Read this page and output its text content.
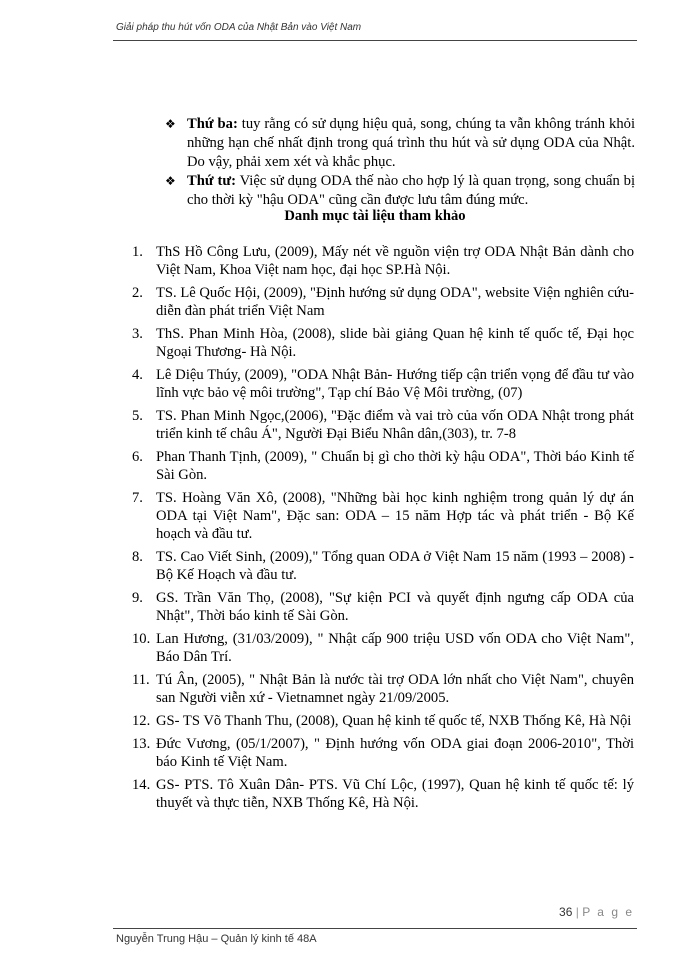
Giải pháp thu hút vốn ODA của Nhật Bản vào Việt Nam

❖ Thứ ba: tuy rằng có sử dụng hiệu quả, song, chúng ta vẫn không tránh khỏi những hạn chế nhất định trong quá trình thu hút và sử dụng ODA của Nhật. Do vậy, phải xem xét và khắc phục.

❖ Thứ tư: Việc sử dụng ODA thế nào cho hợp lý là quan trọng, song chuẩn bị cho thời kỳ "hậu ODA" cũng cần được lưu tâm đúng mức.

Danh mục tài liệu tham khảo
1. ThS Hồ Công Lưu, (2009), Mấy nét về nguồn viện trợ ODA Nhật Bản dành cho Việt Nam, Khoa Việt nam học, đại học SP.Hà Nội.
2. TS. Lê Quốc Hội, (2009), "Định hướng sử dụng ODA", website Viện nghiên cứu- diễn đàn phát triển Việt Nam
3. ThS. Phan Minh Hòa, (2008), slide bài giảng Quan hệ kinh tế quốc tế, Đại học Ngoại Thương- Hà Nội.
4. Lê Diệu Thúy, (2009), "ODA Nhật Bản- Hướng tiếp cận triển vọng để đầu tư vào lĩnh vực bảo vệ môi trường", Tạp chí Bảo Vệ Môi trường, (07)
5. TS. Phan Minh Ngọc,(2006), "Đặc điểm và vai trò của vốn ODA Nhật trong phát triển kinh tế châu Á", Người Đại Biểu Nhân dân,(303), tr. 7-8
6. Phan Thanh Tịnh, (2009), " Chuẩn bị gì cho thời kỳ hậu ODA", Thời báo Kinh tế Sài Gòn.
7. TS. Hoàng Văn Xô, (2008), "Những bài học kinh nghiệm trong quản lý dự án ODA tại Việt Nam", Đặc san: ODA – 15 năm Hợp tác và phát triển - Bộ Kế hoạch và đầu tư.
8. TS. Cao Viết Sinh, (2009)," Tổng quan ODA ở Việt Nam 15 năm (1993 – 2008) - Bộ Kế Hoạch và đầu tư.
9. GS. Trần Văn Thọ, (2008), "Sự kiện PCI và quyết định ngưng cấp ODA của Nhật", Thời báo kinh tế Sài Gòn.
10. Lan Hương, (31/03/2009), " Nhật cấp 900 triệu USD vốn ODA cho Việt Nam", Báo Dân Trí.
11. Tú Ân, (2005), " Nhật Bản là nước tài trợ ODA lớn nhất cho Việt Nam", chuyên san Người viễn xứ - Vietnamnet ngày 21/09/2005.
12. GS- TS Võ Thanh Thu, (2008), Quan hệ kinh tế quốc tế, NXB Thống Kê, Hà Nội
13. Đức Vương, (05/1/2007), " Định hướng vốn ODA giai đoạn 2006-2010", Thời báo Kinh tế Việt Nam.
14. GS- PTS. Tô Xuân Dân- PTS. Vũ Chí Lộc, (1997), Quan hệ kinh tế quốc tế: lý thuyết và thực tiễn, NXB Thống Kê, Hà Nội.
36 | P a g e
Nguyễn Trung Hậu – Quản lý kinh tế 48A
